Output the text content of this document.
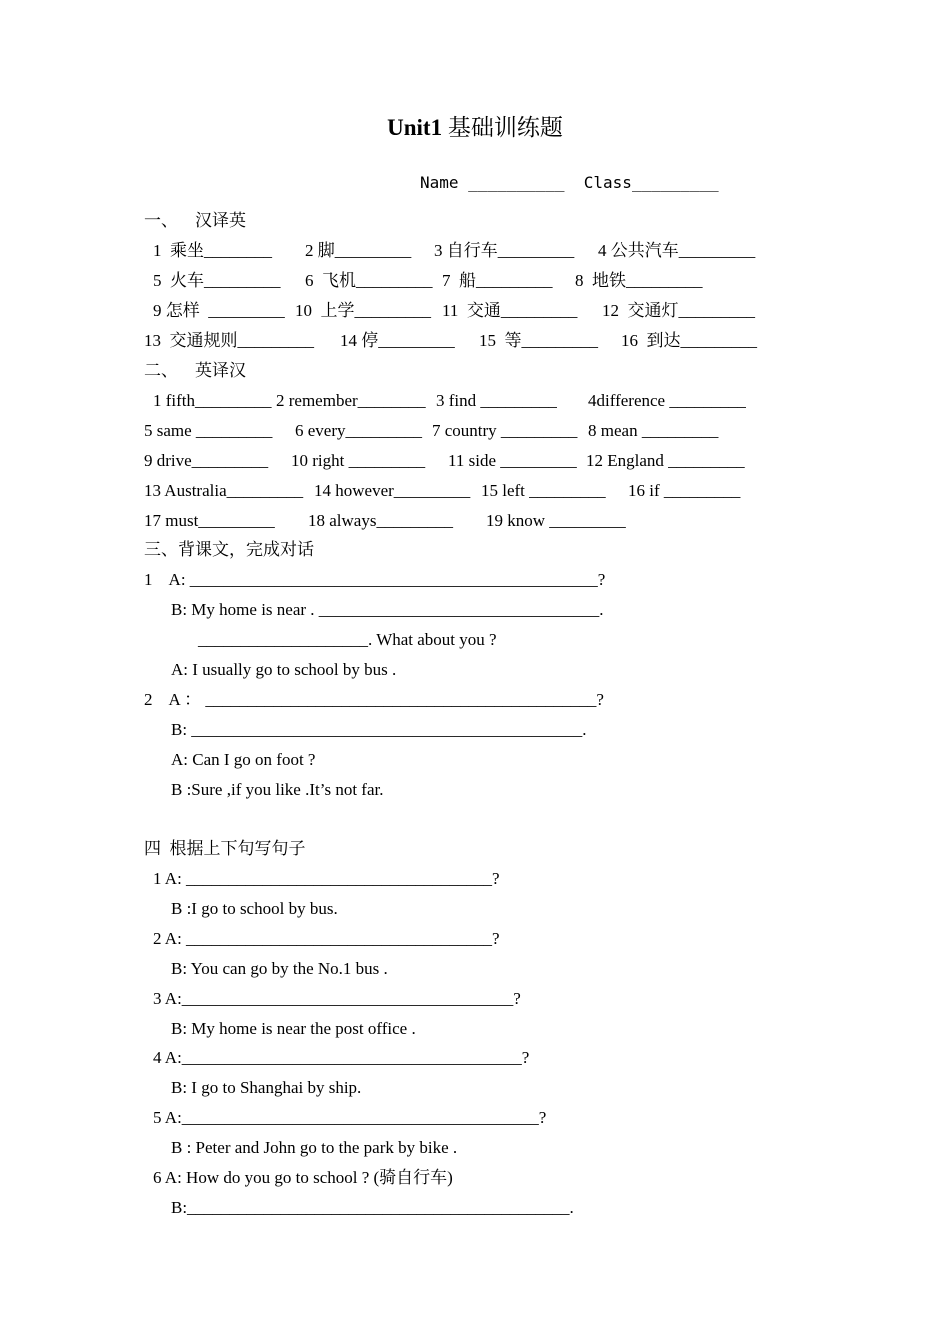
Unit1 基础训练题
Name __________ Class_________
一、    汉译英
1  乘坐________ 2 脚_________ 3 自行车_________ 4 公共汽车_________
5  火车_________ 6  飞机_________ 7  船_________ 8  地铁_________
9 怎样  _________ 10  上学_________ 11  交通_________ 12  交通灯_________
13  交通规则_________ 14 停_________ 15  等_________ 16  到达_________
二、    英译汉
1 fifth_________ 2 remember________ 3 find _________ 4difference _________
5 same _________ 6 every_________ 7 country _________ 8 mean _________
9 drive_________ 10 right _________ 11 side _________ 12 England _________
13 Australia_________ 14 however_________ 15 left _________ 16 if _________
17 must_________ 18 always_________ 19 know _________
三、背课文，完成对话
1    A: ________________________________________________?
B: My home is near . _________________________________.
____________________. What about you ?
A: I usually go to school by bus .
2    A ： ______________________________________________?
B: ______________________________________________.
A: Can I go on foot ?
B :Sure ,if you like .It’s not far.
四  根据上下句写句子
1 A: ____________________________________?
B :I go to school by bus.
2 A: ____________________________________?
B: You can go by the No.1 bus .
3 A:_______________________________________?
B: My home is near the post office .
4 A:________________________________________?
B: I go to Shanghai by ship.
5 A:__________________________________________?
B : Peter and John go to the park by bike .
6 A: How do you go to school ? (骑自行车)
B:_____________________________________________.
